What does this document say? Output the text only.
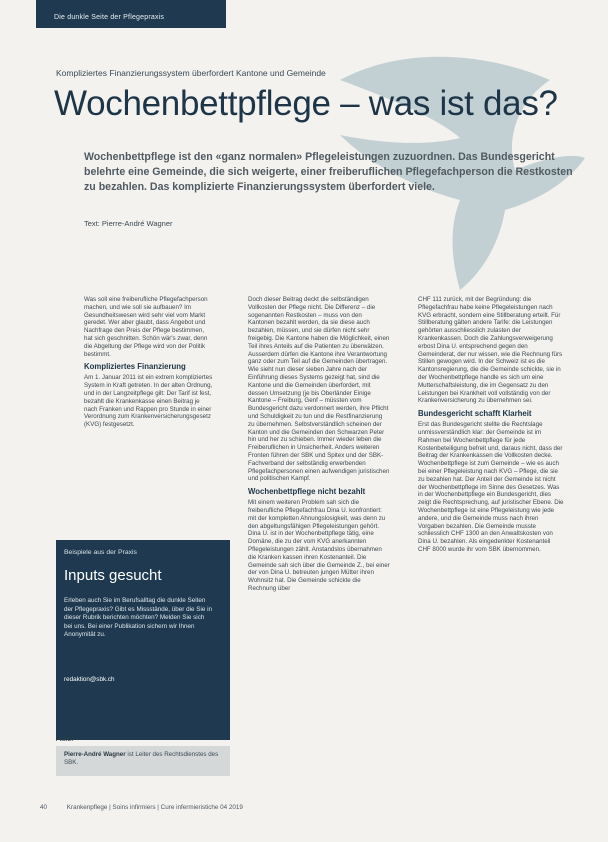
Die dunkle Seite der Pflegepraxis
Kompliziertes Finanzierungssystem überfordert Kantone und Gemeinde
Wochenbettpflege – was ist das?
Wochenbettpflege ist den «ganz normalen» Pflegeleistungen zuzuordnen. Das Bundesgericht belehrte eine Gemeinde, die sich weigerte, einer freiberuflichen Pflegefachperson die Restkosten zu bezahlen. Das komplizierte Finanzierungssystem überfordert viele.
Text: Pierre-André Wagner

Was soll eine freiberufliche Pflegefachperson machen, und wie soll sie aufbauen? Im Gesundheitswesen wird sehr viel vom Markt geredet. Wer aber glaubt, dass Angebot und Nachfrage den Preis der Pflege bestimmen, hat sich geschnitten. Schön wär's zwar, denn die Abgeltung der Pflege wird von der Politik bestimmt.

Kompliziertes Finanzierung

Am 1. Januar 2011 ist ein extrem kompliziertes System in Kraft getreten. In der alten Ordnung, und in der Langzeitpflege gilt: Der Tarif ist fest, bezahlt die Krankenkasse einen Beitrag je nach Franken und Rappen pro Stunde in einer Verordnung zum Krankenversicherungsgesetz (KVG) festgesetzt.

Doch dieser Beitrag deckt die selbständigen Vollkosten der Pflege nicht. Die Differenz – die sogenannten Restkosten – muss von den Kantonen bezahlt werden, da sie diese auch bezahlen, müssen, und sie dürfen nicht sehr freigebig. Die Kantone haben die Möglichkeit, einen Teil ihres Anteils auf die Patienten zu überwälzen. Ausserdem dürfen die Kantone ihre Verantwortung ganz oder zum Teil auf die Gemeinden übertragen.

Wie sieht nun dieser sieben Jahre nach der Einführung dieses Systems gezeigt hat, sind die Kantone und die Gemeinden überfordert, mit dessen Umsetzung (je bis Oberländer Einige Kantone – Freiburg, Genf – müssten vom Bundesgericht dazu verdonnert werden, ihre Pflicht und Schuldigkeit zu tun und die Restfinanzierung zu übernehmen. Selbstverständlich scheinen der Kanton und die Gemeinden den Schwarzen Peter hin und her zu schieben. Immer wieder leben die Freiberuflichen in Unsicherheit. Anders weiteren Fronten führen der SBK und Spitex und der SBK-Fachverband der selbständig erwerbenden Pflegefachpersonen einen aufwendigen juristischen und politischen Kampf.

Wochenbettpflege nicht bezahlt

Mit einem weiteren Problem sah sich die freiberufliche Pflegefachfrau Dina U. konfrontiert: mit der kompletten Ahnungslosigkeit, was denn zu den abgeltungsfähigen Pflegeleistungen gehört. Dina U. ist in der Wochenbettpflege tätig, eine Domäne, die zu der vom KVG anerkannten Pflegeleistungen zählt. Anstandslos übernahmen die Kranken kassen ihren Kostenanteil. Die Gemeinde sah sich über die Gemeinde Z., bei einer der von Dina U. betreuten jungen Mütter ihren Wohnsitz hat. Die Gemeinde schickte die Rechnung über

CHF 111 zurück, mit der Begründung: die Pflegefachfrau habe keine Pflegeleistungen nach KVG erbracht, sondern eine Stillberatung erteilt. Für Stillberatung gälten andere Tarife: die Leistungen gehörten ausschliesslich zulasten der Krankenkassen. Doch die Zahlungsverweigerung erbost Dina U. entsprechend gegen den Gemeinderat, der nur wissen, wie die Rechnung fürs Stillen gewogen wird. In der Schweiz ist es die Kantonsregierung, die die Gemeinde schickte, sie in der Wochenbettpflege handle es sich um eine Mutterschaftsleistung, die im Gegensatz zu den Leistungen bei Krankheit voll vollständig von der Krankenversicherung zu übernehmen sei.

Bundesgericht schafft Klarheit

Erst das Bundesgericht stellte die Rechtslage unmissverständlich klar: der Gemeinde ist im Rahmen bei Wochenbettpflege für jede Kostenbeteiligung befreit und, daraus nicht, dass der Beitrag der Krankenkassen die Vollkosten decke. Wochenbettpflege ist zum Gemeinde – wie es auch bei einer Pflegeleistung nach KVG – Pflege, die sie zu bezahlen hat. Der Anteil der Gemeinde ist nicht der Wochenbettpflege im Sinne des Gesetzes. Was in der Wochenbettpflege ein Bundesgericht, dies zeigt die Rechtsprechung, auf juristischer Ebene. Die Wochenbettpflege ist eine Pflegeleistung wie jede andere, und die Gemeinde muss nach ihren Vorgaben bezahlen. Die Gemeinde musste schliesslich CHF 1300 an den Anwaltskosten von Dina U. bezahlen. Als eingedenkter Kostenanteil CHF 8000 wurde ihr vom SBK übernommen.

Beispiele aus der Praxis
Inputs gesucht
Erleben auch Sie im Berufsalltag die dunkle Seiten der Pflegepraxis? Gibt es Missstände, über die Sie in dieser Rubrik berichten möchten? Melden Sie sich bei uns. Bei einer Publikation sichern wir Ihnen Anonymität zu.
redaktion@sbk.ch
Autor
Pierre-André Wagner ist Leiter des Rechtsdienstes des SBK.
40	Krankenpflege | Soins infirmiers | Cure infermieristiche 04 2019
